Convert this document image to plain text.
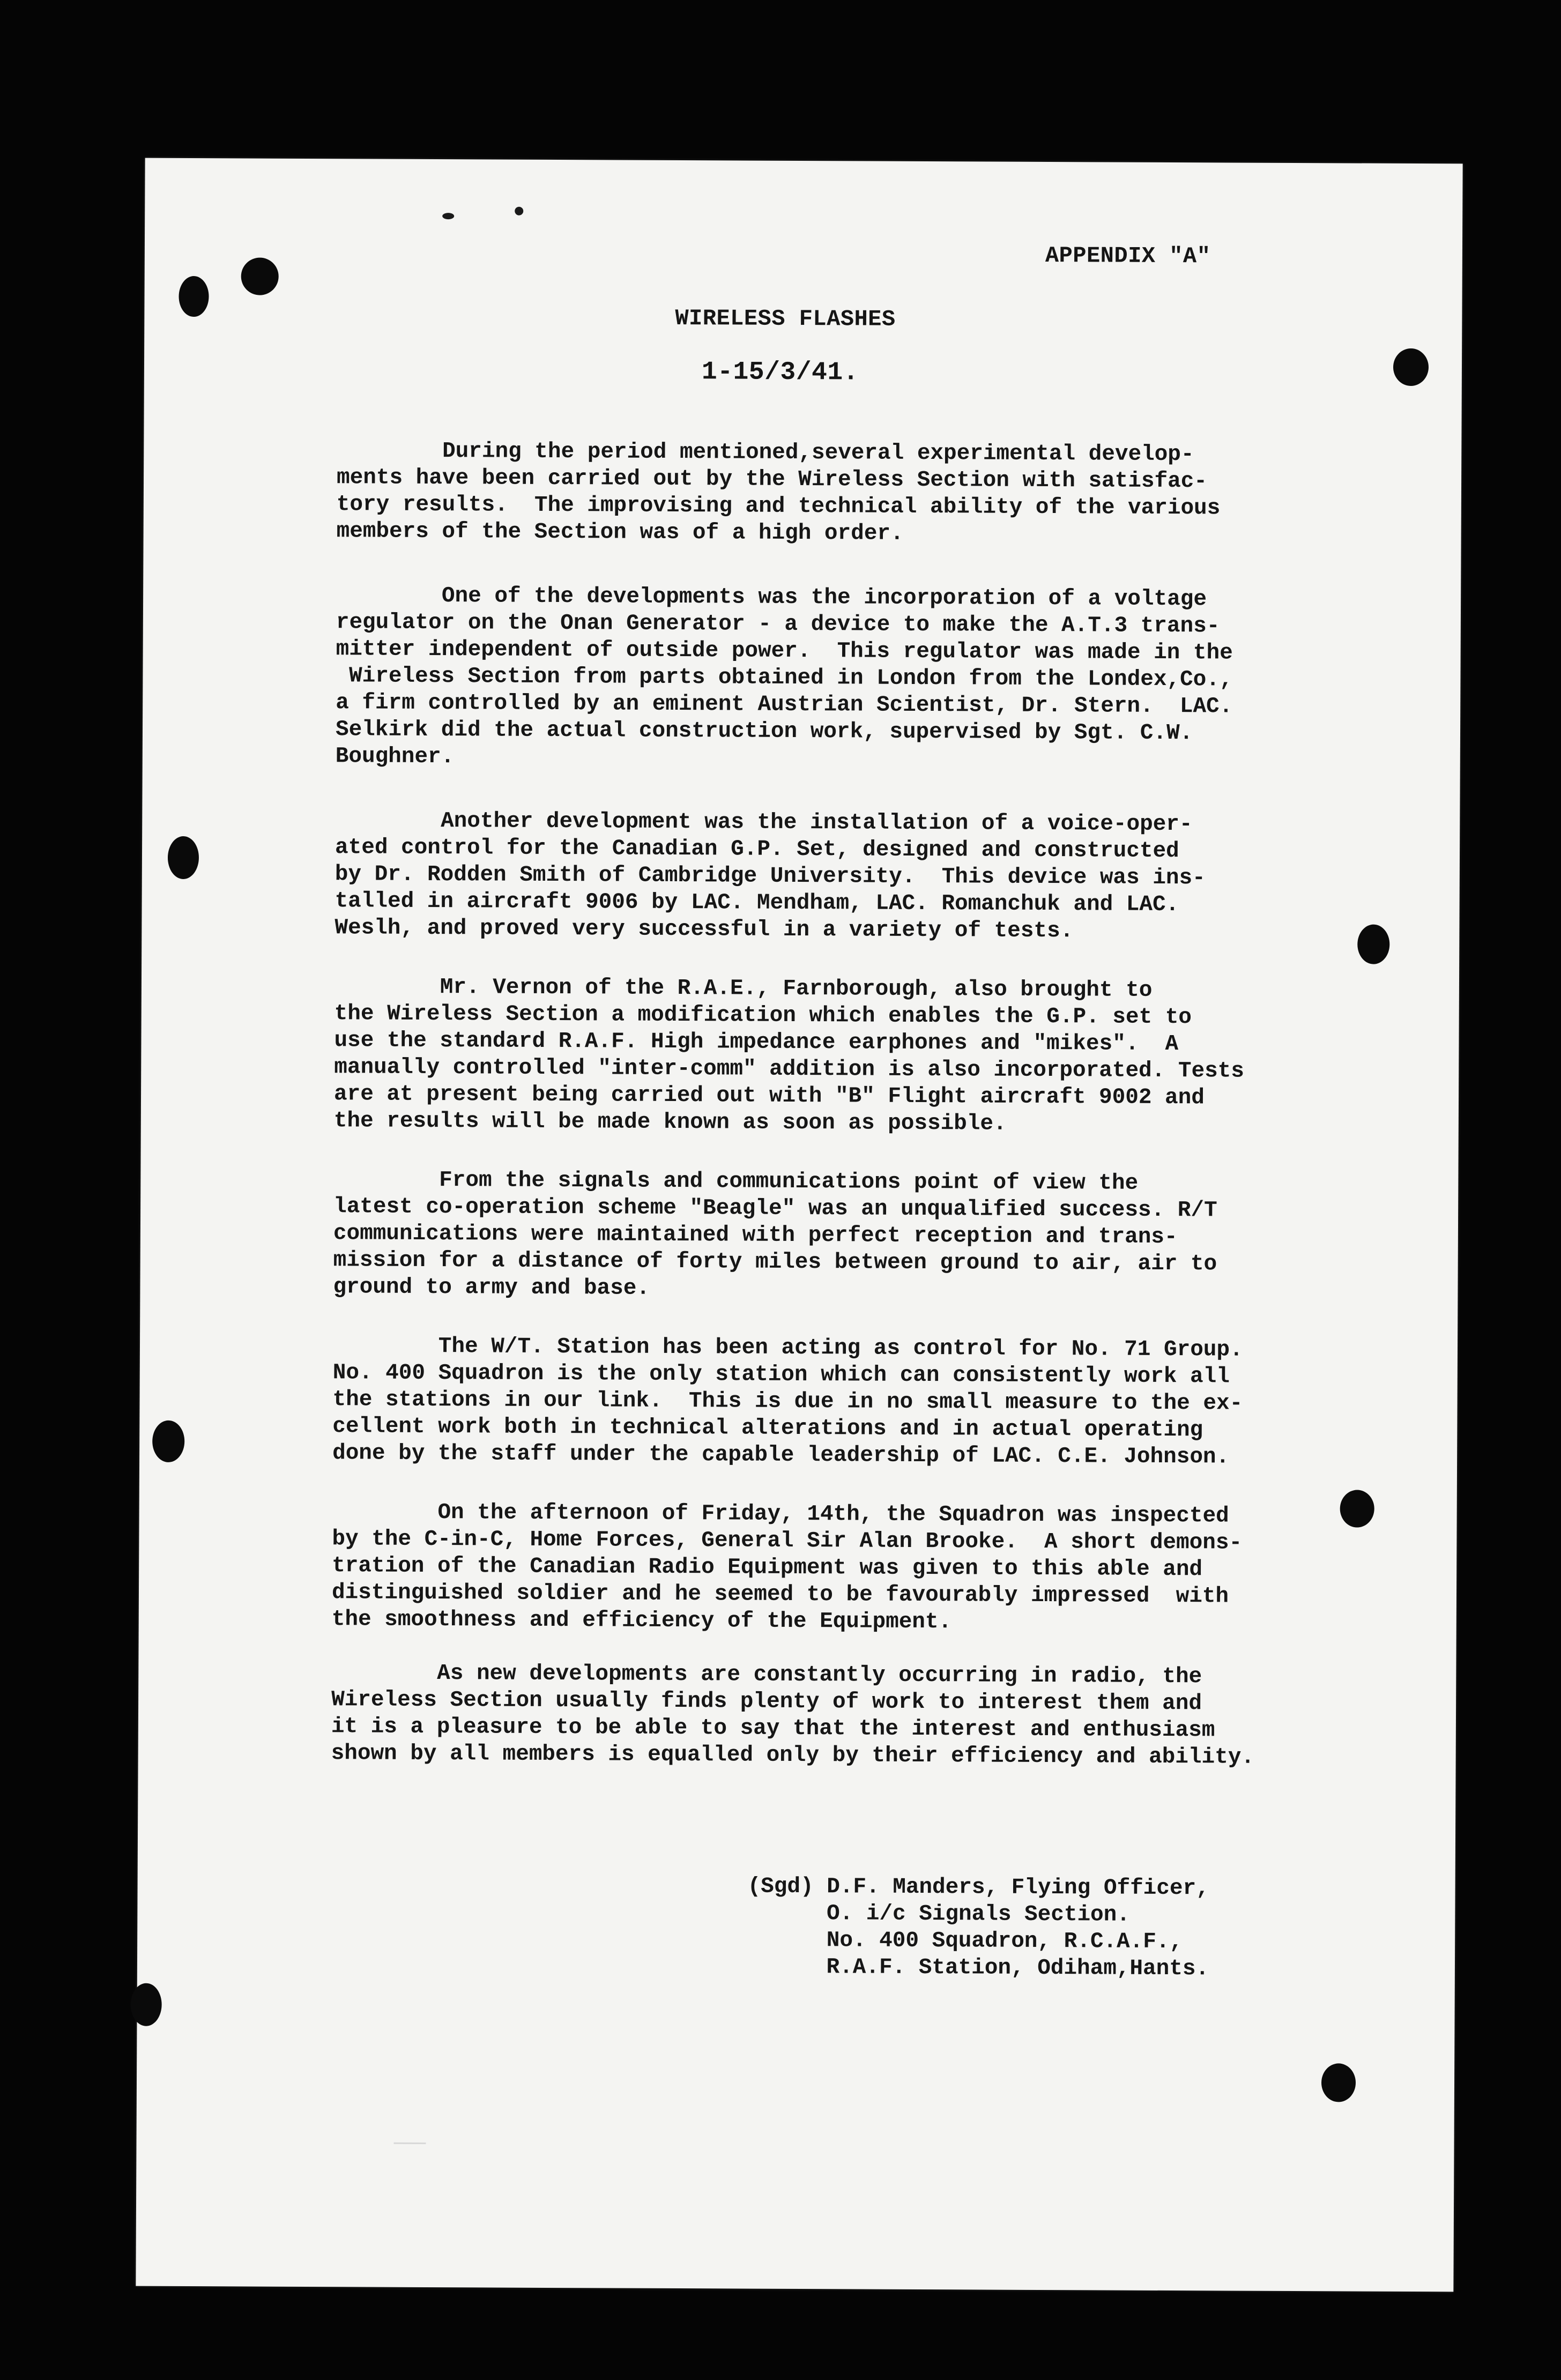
APPENDIX "A"
WIRELESS FLASHES
1-15/3/41.
During the period mentioned,several experimental develop-
ments have been carried out by the Wireless Section with satisfac-
tory results.  The improvising and technical ability of the various
members of the Section was of a high order.
One of the developments was the incorporation of a voltage
regulator on the Onan Generator - a device to make the A.T.3 trans-
mitter independent of outside power.  This regulator was made in the
Wireless Section from parts obtained in London from the Londex,Co.,
a firm controlled by an eminent Austrian Scientist, Dr. Stern.  LAC.
Selkirk did the actual construction work, supervised by Sgt. C.W.
Boughner.
Another development was the installation of a voice-oper-
ated control for the Canadian G.P. Set, designed and constructed
by Dr. Rodden Smith of Cambridge University.  This device was ins-
talled in aircraft 9006 by LAC. Mendham, LAC. Romanchuk and LAC.
Weslh, and proved very successful in a variety of tests.
Mr. Vernon of the R.A.E., Farnborough, also brought to
the Wireless Section a modification which enables the G.P. set to
use the standard R.A.F. High impedance earphones and "mikes".  A
manually controlled "inter-comm" addition is also incorporated. Tests
are at present being carried out with "B" Flight aircraft 9002 and
the results will be made known as soon as possible.
From the signals and communications point of view the
latest co-operation scheme "Beagle" was an unqualified success. R/T
communications were maintained with perfect reception and trans-
mission for a distance of forty miles between ground to air, air to
ground to army and base.
The W/T. Station has been acting as control for No. 71 Group.
No. 400 Squadron is the only station which can consistently work all
the stations in our link.  This is due in no small measure to the ex-
cellent work both in technical alterations and in actual operating
done by the staff under the capable leadership of LAC. C.E. Johnson.
On the afternoon of Friday, 14th, the Squadron was inspected
by the C-in-C, Home Forces, General Sir Alan Brooke.  A short demons-
tration of the Canadian Radio Equipment was given to this able and
distinguished soldier and he seemed to be favourably impressed  with
the smoothness and efficiency of the Equipment.
As new developments are constantly occurring in radio, the
Wireless Section usually finds plenty of work to interest them and
it is a pleasure to be able to say that the interest and enthusiasm
shown by all members is equalled only by their efficiency and ability.
(Sgd) D.F. Manders, Flying Officer,
O. i/c Signals Section.
No. 400 Squadron, R.C.A.F.,
R.A.F. Station, Odiham,Hants.
